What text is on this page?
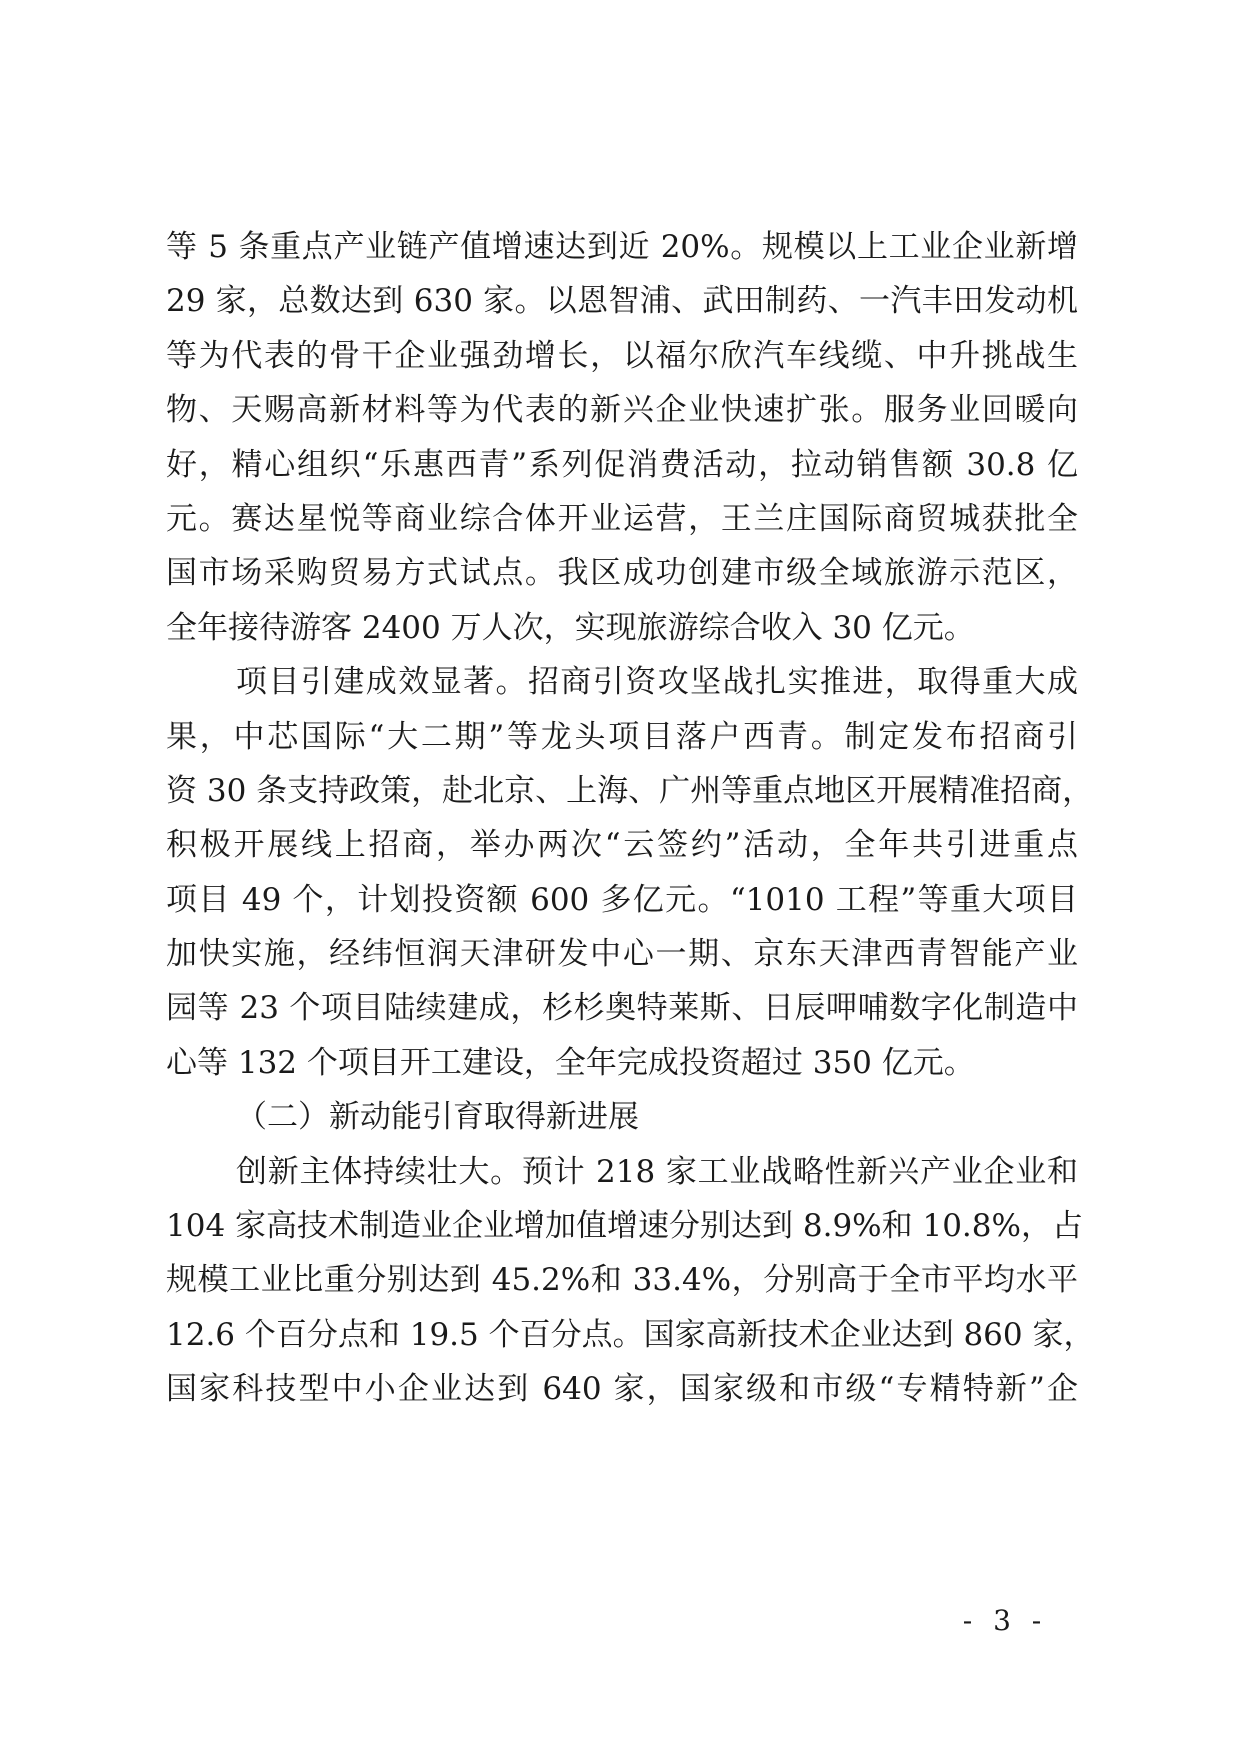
等 5 条重点产业链产值增速达到近 20%。规模以上工业企业新增
29 家，总数达到 630 家。以恩智浦、武田制药、一汽丰田发动机
等为代表的骨干企业强劲增长，以福尔欣汽车线缆、中升挑战生
物、天赐高新材料等为代表的新兴企业快速扩张。服务业回暖向
好，精心组织“乐惠西青”系列促消费活动，拉动销售额 30.8 亿
元。赛达星悦等商业综合体开业运营，王兰庄国际商贸城获批全
国市场采购贸易方式试点。我区成功创建市级全域旅游示范区，
全年接待游客 2400 万人次，实现旅游综合收入 30 亿元。
项目引建成效显著。招商引资攻坚战扎实推进，取得重大成
果，中芯国际“大二期”等龙头项目落户西青。制定发布招商引
资 30 条支持政策，赴北京、上海、广州等重点地区开展精准招商，
积极开展线上招商，举办两次“云签约”活动，全年共引进重点
项目 49 个，计划投资额 600 多亿元。“1010 工程”等重大项目
加快实施，经纬恒润天津研发中心一期、京东天津西青智能产业
园等 23 个项目陆续建成，杉杉奥特莱斯、日辰呷哺数字化制造中
心等 132 个项目开工建设，全年完成投资超过 350 亿元。
（二）新动能引育取得新进展
创新主体持续壮大。预计 218 家工业战略性新兴产业企业和
104 家高技术制造业企业增加值增速分别达到 8.9%和 10.8%，占
规模工业比重分别达到 45.2%和 33.4%，分别高于全市平均水平
12.6 个百分点和 19.5 个百分点。国家高新技术企业达到 860 家，
国家科技型中小企业达到 640 家，国家级和市级“专精特新”企
- 3 -
